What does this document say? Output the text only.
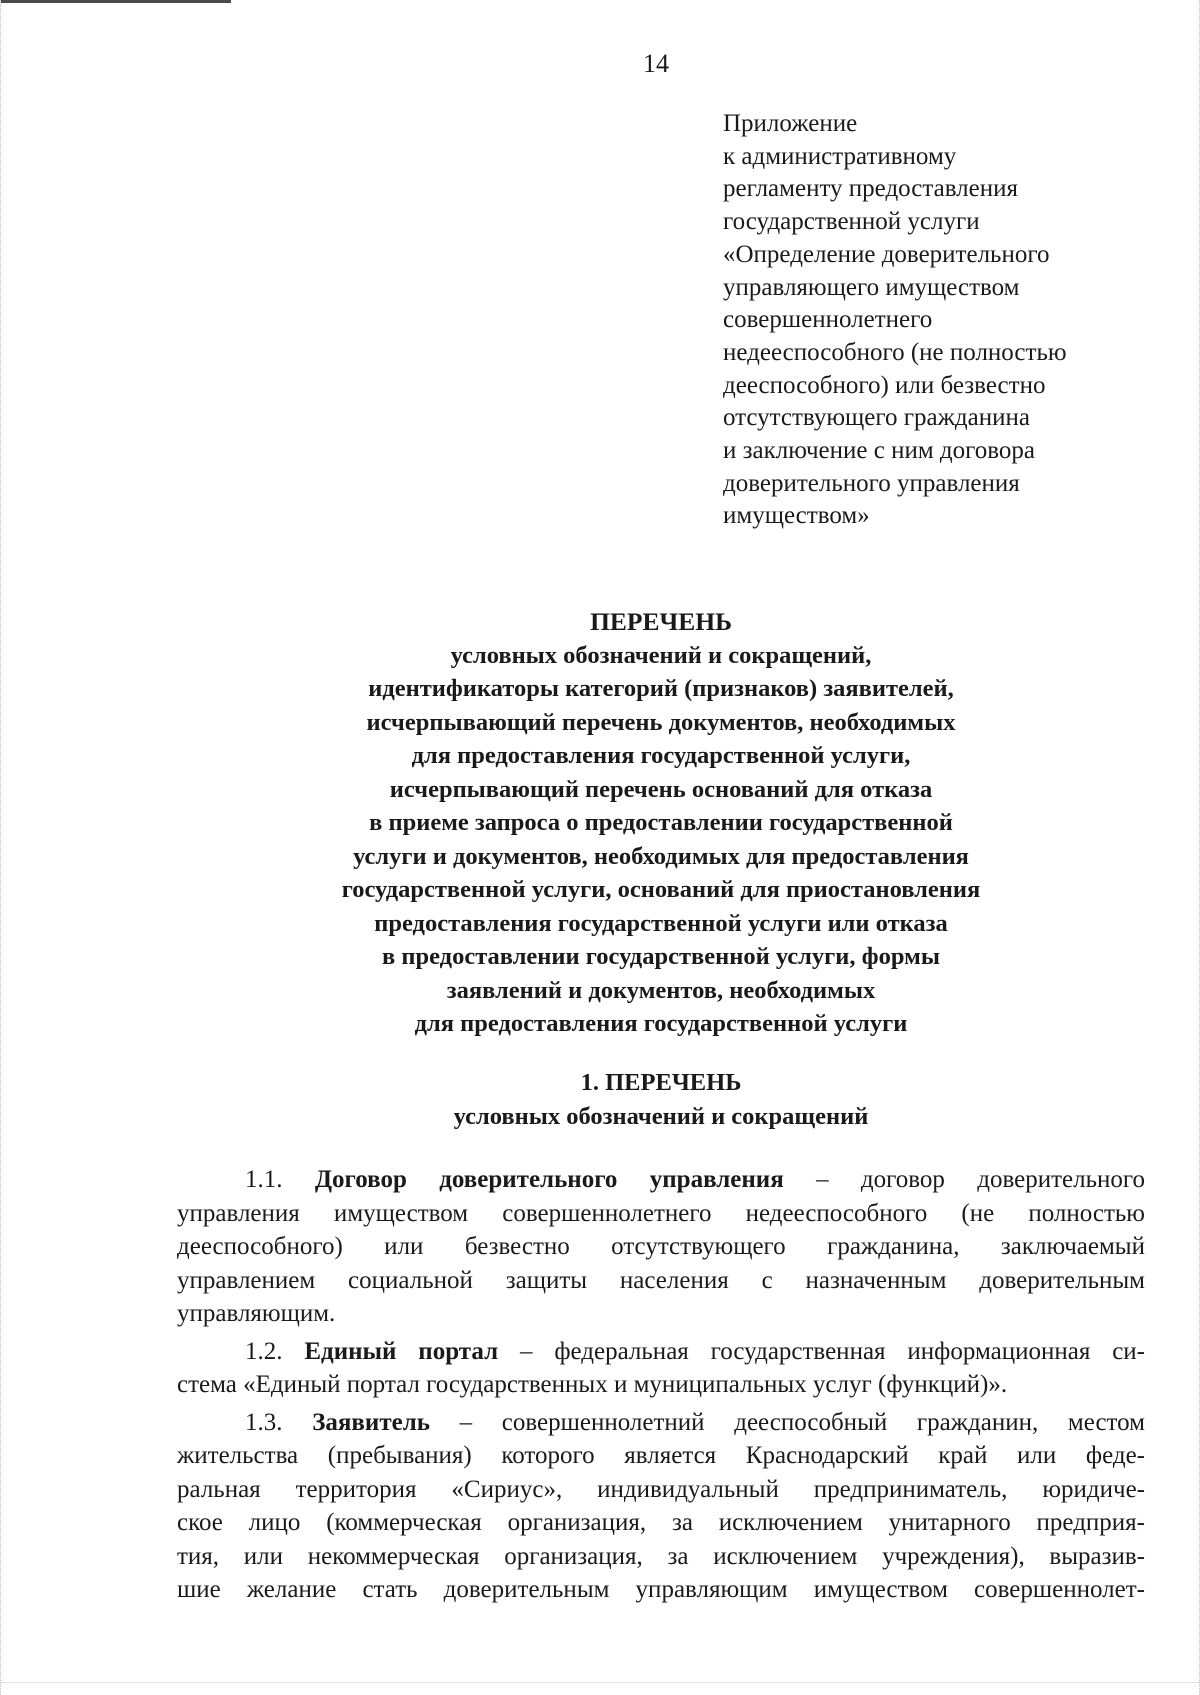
14
Приложение
к административному
регламенту предоставления
государственной услуги
«Определение доверительного
управляющего имуществом
совершеннолетнего
недееспособного (не полностью
дееспособного) или безвестно
отсутствующего гражданина
и заключение с ним договора
доверительного управления
имуществом»
ПЕРЕЧЕНЬ
условных обозначений и сокращений,
идентификаторы категорий (признаков) заявителей,
исчерпывающий перечень документов, необходимых
для предоставления государственной услуги,
исчерпывающий перечень оснований для отказа
в приеме запроса о предоставлении государственной
услуги и документов, необходимых для предоставления
государственной услуги, оснований для приостановления
предоставления государственной услуги или отказа
в предоставлении государственной услуги, формы
заявлений и документов, необходимых
для предоставления государственной услуги
1. ПЕРЕЧЕНЬ
условных обозначений и сокращений
1.1. Договор доверительного управления – договор доверительного
управления имуществом совершеннолетнего недееспособного (не полностью
дееспособного) или безвестно отсутствующего гражданина, заключаемый
управлением социальной защиты населения с назначенным доверительным
управляющим.
1.2. Единый портал – федеральная государственная информационная си-
стема «Единый портал государственных и муниципальных услуг (функций)».
1.3. Заявитель – совершеннолетний дееспособный гражданин, местом
жительства (пребывания) которого является Краснодарский край или феде-
ральная территория «Сириус», индивидуальный предприниматель, юридиче-
ское лицо (коммерческая организация, за исключением унитарного предприя-
тия, или некоммерческая организация, за исключением учреждения), выразив-
шие желание стать доверительным управляющим имуществом совершеннолет-
